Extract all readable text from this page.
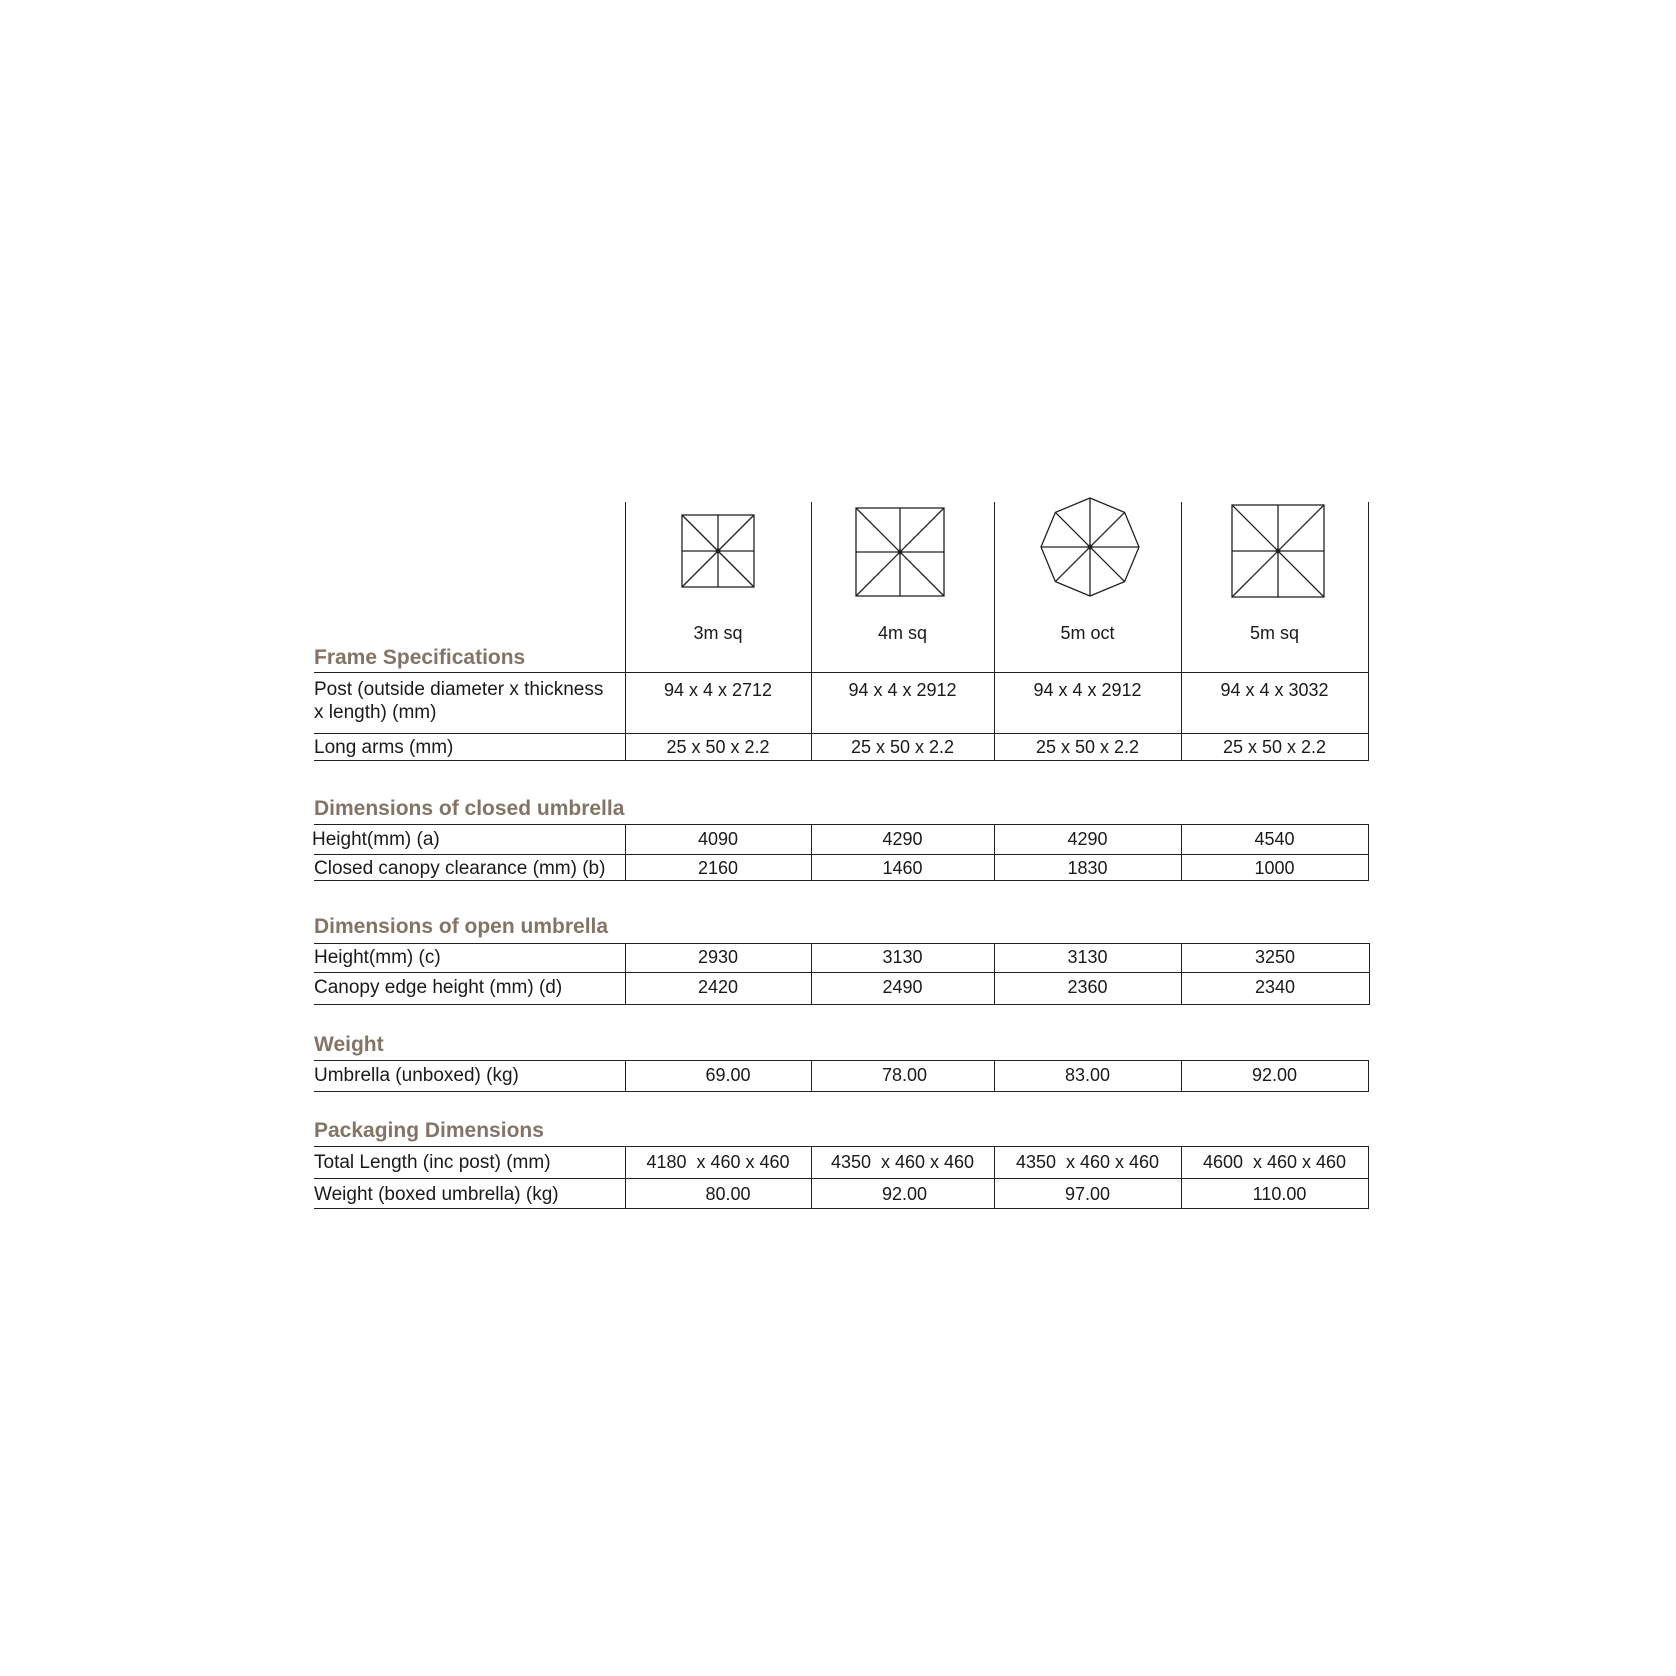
3m sq	4m sq	5m oct	5m sq
Frame Specifications
Post (outside diameter x thickness
x length) (mm)
94 x 4 x 2712	94 x 4 x 2912	94 x 4 x 2912	94 x 4 x 3032
Long arms (mm)	25 x 50 x 2.2	25 x 50 x 2.2	25 x 50 x 2.2	25 x 50 x 2.2
Dimensions of closed umbrella
Height(mm) (a)	4090	4290	4290	4540
Closed canopy clearance (mm) (b)	2160	1460	1830	1000
Dimensions of open umbrella
Height(mm) (c)	2930	3130	3130	3250
Canopy edge height (mm) (d)	2420	2490	2360	2340
Weight
Umbrella (unboxed) (kg)	69.00	78.00	83.00	92.00
Packaging Dimensions
Total Length (inc post) (mm)	4180  x 460 x 460	4350  x 460 x 460	4350  x 460 x 460	4600  x 460 x 460
Weight (boxed umbrella) (kg)	80.00	92.00	97.00	110.00
